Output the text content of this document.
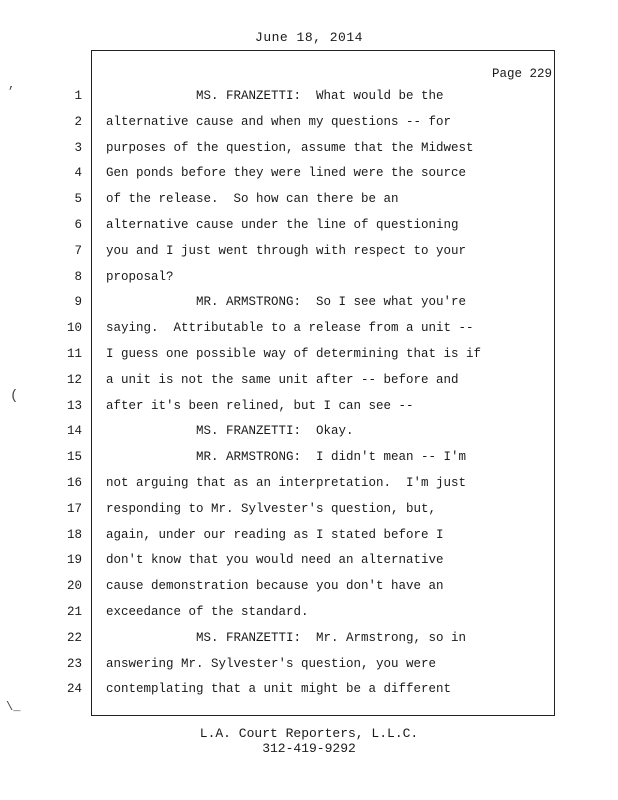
June 18, 2014
Page 229
1 MS. FRANZETTI:  What would be the
2 alternative cause and when my questions -- for
3 purposes of the question, assume that the Midwest
4 Gen ponds before they were lined were the source
5 of the release.  So how can there be an
6 alternative cause under the line of questioning
7 you and I just went through with respect to your
8 proposal?
9 MR. ARMSTRONG:  So I see what you're
10 saying.  Attributable to a release from a unit --
11 I guess one possible way of determining that is if
12 a unit is not the same unit after -- before and
13 after it's been relined, but I can see --
14 MS. FRANZETTI:  Okay.
15 MR. ARMSTRONG:  I didn't mean -- I'm
16 not arguing that as an interpretation.  I'm just
17 responding to Mr. Sylvester's question, but,
18 again, under our reading as I stated before I
19 don't know that you would need an alternative
20 cause demonstration because you don't have an
21 exceedance of the standard.
22 MS. FRANZETTI:  Mr. Armstrong, so in
23 answering Mr. Sylvester's question, you were
24 contemplating that a unit might be a different
L.A. Court Reporters, L.L.C.
312-419-9292
,
(
\_
